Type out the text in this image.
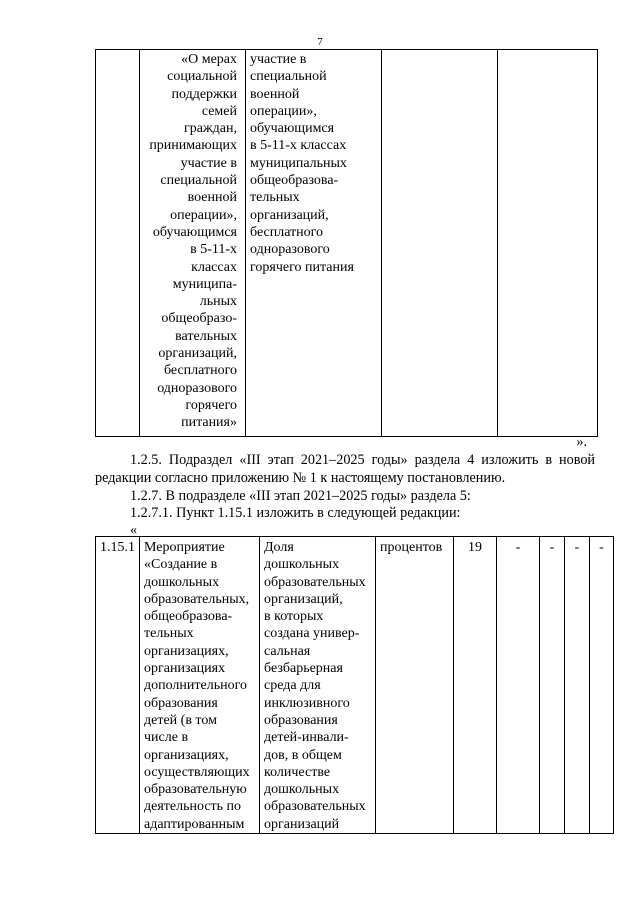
7
	«О мерах
социальной
поддержки
семей
граждан,
принимающих
участие в
специальной
военной
операции»,
обучающимся
в 5-11-х
классах
муниципа-
льных
общеобразо-
вательных
организаций,
бесплатного
одноразового
горячего
питания»	участие в
специальной
военной
операции»,
обучающимся
в 5-11-х классах
муниципальных
общеобразова-
тельных
организаций,
бесплатного
одноразового
горячего питания		
».

1.2.5. Подраздел «III этап 2021–2025 годы» раздела 4 изложить в новой редакции согласно приложению № 1 к настоящему постановлению.

1.2.7. В подразделе «III этап 2021–2025 годы» раздела 5:

1.2.7.1. Пункт 1.15.1 изложить в следующей редакции:

«
1.15.1	Мероприятие
«Создание в
дошкольных
образовательных,
общеобразова-
тельных
организациях,
организациях
дополнительного
образования
детей (в том
числе в
организациях,
осуществляющих
образовательную
деятельность по
адаптированным	Доля
дошкольных
образовательных
организаций,
в которых
создана универ-
сальная
безбарьерная
среда для
инклюзивного
образования
детей-инвали-
дов, в общем
количестве
дошкольных
образовательных
организаций	процентов	19	-	-	-	-
